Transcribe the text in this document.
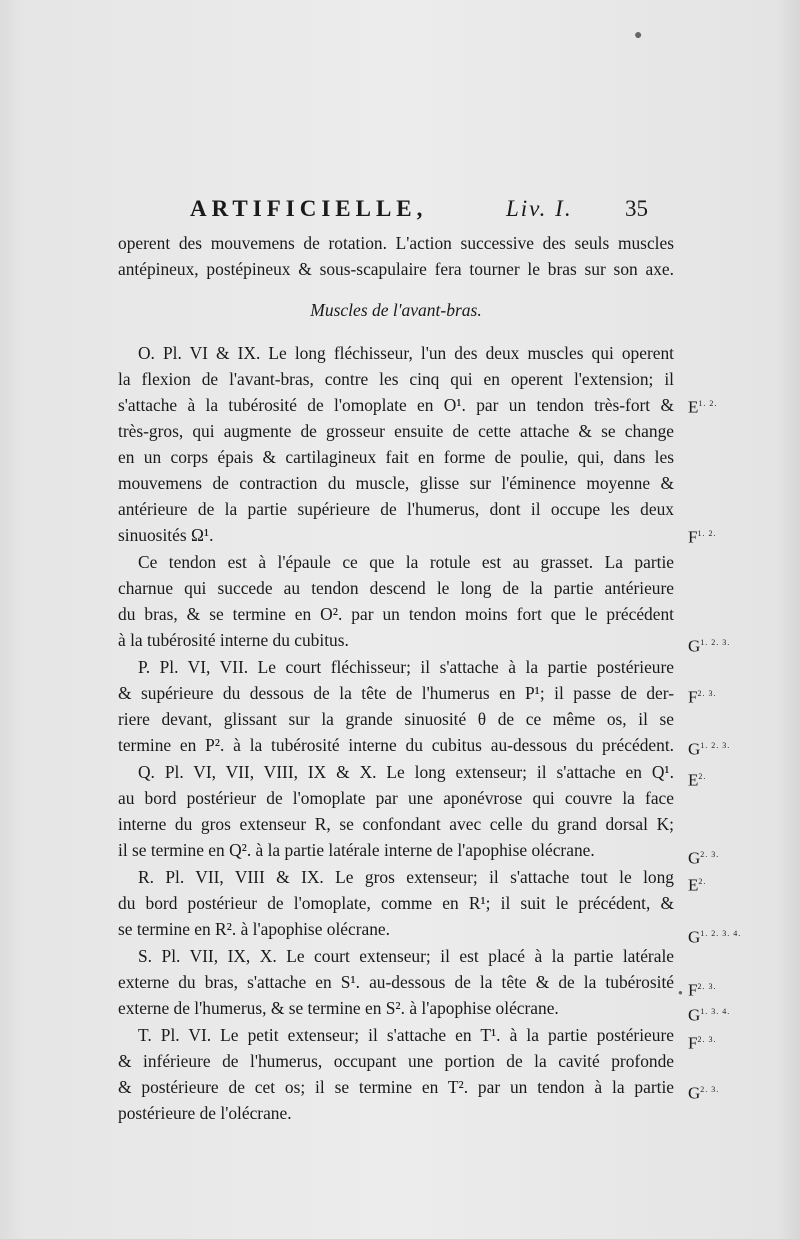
ARTIFICIELLE,	Liv. I. 35
Muscles de l'avant-bras.
operent des mouvemens de rotation. L'action successive des seuls muscles
antépineux, postépineux & sous-scapulaire fera tourner le bras sur son axe.
O. Pl. VI & IX. Le long fléchisseur, l'un des deux muscles qui operent
la flexion de l'avant-bras, contre les cinq qui en operent l'extension; il
s'attache à la tubérosité de l'omoplate en O¹. par un tendon très-fort &
très-gros, qui augmente de grosseur ensuite de cette attache & se change
en un corps épais & cartilagineux fait en forme de poulie, qui, dans les
mouvemens de contraction du muscle, glisse sur l'éminence moyenne &
antérieure de la partie supérieure de l'humerus, dont il occupe les deux
sinuosités Ω¹.
Ce tendon est à l'épaule ce que la rotule est au grasset. La partie
charnue qui succede au tendon descend le long de la partie antérieure
du bras, & se termine en O². par un tendon moins fort que le précédent
à la tubérosité interne du cubitus.
P. Pl. VI, VII. Le court fléchisseur; il s'attache à la partie postérieure
& supérieure du dessous de la tête de l'humerus en P¹; il passe de der-
riere devant, glissant sur la grande sinuosité θ de ce même os, il se
termine en P². à la tubérosité interne du cubitus au-dessous du précédent.
Q. Pl. VI, VII, VIII, IX & X. Le long extenseur; il s'attache en Q¹.
au bord postérieur de l'omoplate par une aponévrose qui couvre la face
interne du gros extenseur R, se confondant avec celle du grand dorsal K;
il se termine en Q². à la partie latérale interne de l'apophise olécrane.
R. Pl. VII, VIII & IX. Le gros extenseur; il s'attache tout le long
du bord postérieur de l'omoplate, comme en R¹; il suit le précédent, &
se termine en R². à l'apophise olécrane.
S. Pl. VII, IX, X. Le court extenseur; il est placé à la partie latérale
externe du bras, s'attache en S¹. au-dessous de la tête & de la tubérosité
externe de l'humerus, & se termine en S². à l'apophise olécrane.
T. Pl. VI. Le petit extenseur; il s'attache en T¹. à la partie postérieure
& inférieure de l'humerus, occupant une portion de la cavité profonde
& postérieure de cet os; il se termine en T². par un tendon à la partie
postérieure de l'olécrane.
$E^{1. 2.}$
$F^{1. 2.}$
$G^{1. 2. 3.}$
$F^{2. 3.}$
$G^{1. 2. 3.}$
$E^{2.}$
$G^{2. 3.}$
$E^{2.}$
$G^{1. 2. 3. 4.}$
$F^{2. 3.}$
$G^{1. 3. 4.}$
$F^{2. 3.}$
$G^{2. 3.}$
●
●
